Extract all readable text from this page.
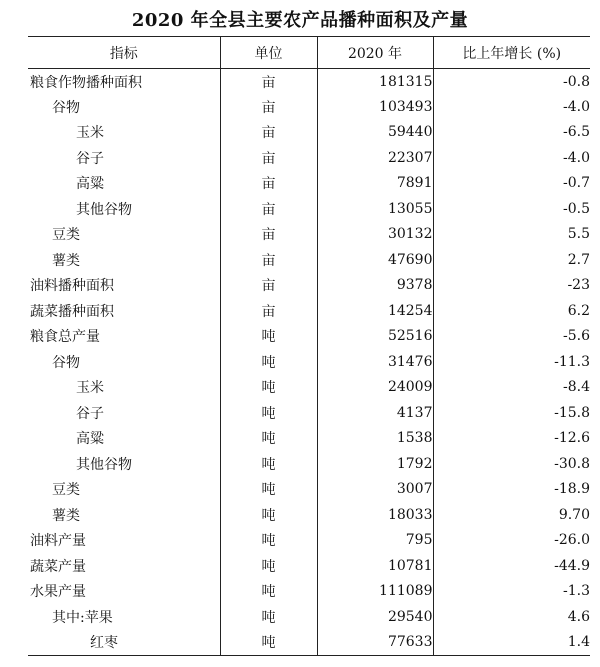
2020 年全县主要农产品播种面积及产量
指标	单位	2020 年	比上年增长 (%)
粮食作物播种面积	亩	181315	-0.8
谷物	亩	103493	-4.0
玉米	亩	59440	-6.5
谷子	亩	22307	-4.0
高粱	亩	7891	-0.7
其他谷物	亩	13055	-0.5
豆类	亩	30132	5.5
薯类	亩	47690	2.7
油料播种面积	亩	9378	-23
蔬菜播种面积	亩	14254	6.2
粮食总产量	吨	52516	-5.6
谷物	吨	31476	-11.3
玉米	吨	24009	-8.4
谷子	吨	4137	-15.8
高粱	吨	1538	-12.6
其他谷物	吨	1792	-30.8
豆类	吨	3007	-18.9
薯类	吨	18033	9.70
油料产量	吨	795	-26.0
蔬菜产量	吨	10781	-44.9
水果产量	吨	111089	-1.3
其中:苹果	吨	29540	4.6
红枣	吨	77633	1.4
